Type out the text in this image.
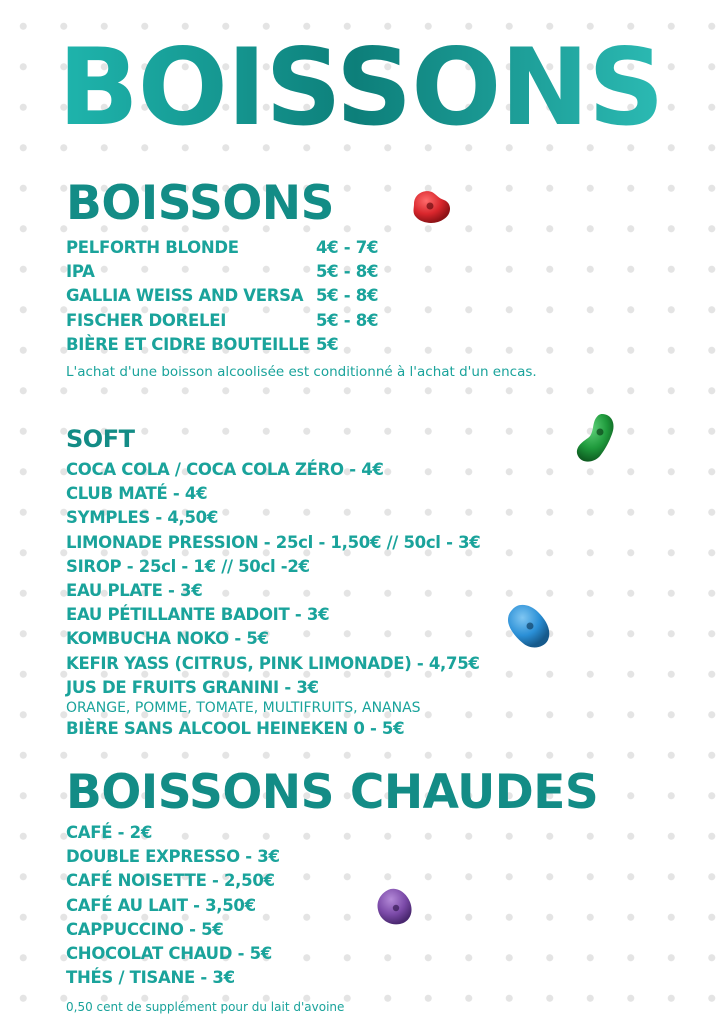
BOISSONS
BOISSONS
PELFORTH BLONDE	4€ - 7€
IPA	5€ - 8€
GALLIA WEISS AND VERSA 5€ - 8€
FISCHER DORELEI	5€ - 8€
BIÈRE ET CIDRE BOUTEILLE 5€
L'achat d'une boisson alcoolisée est conditionné à l'achat d'un encas.
SOFT
COCA COLA / COCA COLA ZÉRO - 4€
CLUB MATÉ - 4€
SYMPLES - 4,50€
LIMONADE PRESSION - 25cl - 1,50€ // 50cl - 3€
SIROP - 25cl - 1€ // 50cl -2€
EAU PLATE - 3€
EAU PÉTILLANTE BADOIT - 3€
KOMBUCHA NOKO - 5€
KEFIR YASS (CITRUS, PINK LIMONADE) - 4,75€
JUS DE FRUITS GRANINI - 3€
ORANGE, POMME, TOMATE, MULTIFRUITS, ANANAS
BIÈRE SANS ALCOOL HEINEKEN 0 - 5€
BOISSONS CHAUDES
CAFÉ - 2€
DOUBLE EXPRESSO - 3€
CAFÉ NOISETTE - 2,50€
CAFÉ AU LAIT - 3,50€
CAPPUCCINO - 5€
CHOCOLAT CHAUD - 5€
THÉS / TISANE - 3€
0,50 cent de supplément pour du lait d'avoine
